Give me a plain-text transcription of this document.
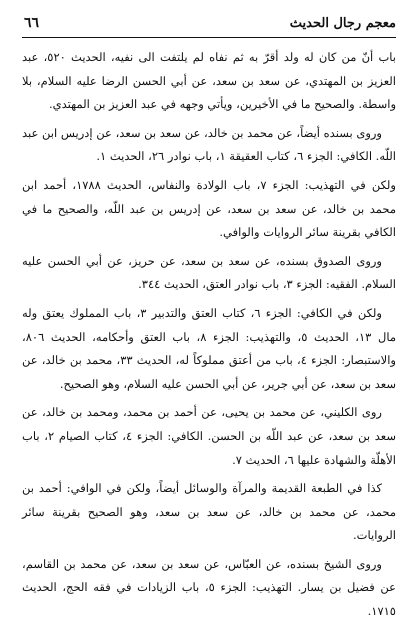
معجم رجال الحديث
٦٦

باب أنّ من كان له ولد أقرّ به ثم نفاه لم يلتفت الى نفيه، الحديث ٥٢٠، عبد العزيز بن المهتدي، عن سعد بن سعد، عن أبي الحسن الرضا عليه السلام، بلا واسطة. والصحيح ما في الأخيرين، ويأتي وجهه في عبد العزيز بن المهتدي.

وروى بسنده أيضاً، عن محمد بن خالد، عن سعد بن سعد، عن إدريس ابن عبد اللّه. الكافي: الجزء ٦، كتاب العقيقة ١، باب نوادر ٢٦، الحديث ١.

ولكن في التهذيب: الجزء ٧، باب الولادة والنفاس، الحديث ١٧٨٨، أحمد ابن محمد بن خالد، عن سعد بن سعد، عن إدريس بن عبد اللّه، والصحيح ما في الكافي بقرينة سائر الروايات والوافي.

وروى الصدوق بسنده، عن سعد بن سعد، عن حريز، عن أبي الحسن عليه السلام. الفقيه: الجزء ٣، باب نوادر العتق، الحديث ٣٤٤.

ولكن في الكافي: الجزء ٦، كتاب العتق والتدبير ٣، باب المملوك يعتق وله مال ١٣، الحديث ٥، والتهذيب: الجزء ٨، باب العتق وأحكامه، الحديث ٨٠٦، والاستبصار: الجزء ٤، باب من أعتق مملوكاً له، الحديث ٣٣، محمد بن خالد، عن سعد بن سعد، عن أبي جرير، عن أبي الحسن عليه السلام، وهو الصحيح.

روى الكليني، عن محمد بن يحيى، عن أحمد بن محمد، ومحمد بن خالد، عن سعد بن سعد، عن عبد اللّه بن الحسن. الكافي: الجزء ٤، كتاب الصيام ٢، باب الأهلّة والشهادة عليها ٦، الحديث ٧.

كذا في الطبعة القديمة والمرآة والوسائل أيضاً، ولكن في الوافي: أحمد بن محمد، عن محمد بن خالد، عن سعد بن سعد، وهو الصحيح بقرينة سائر الروايات.

وروى الشيخ بسنده، عن العبّاس، عن سعد بن سعد، عن محمد بن القاسم، عن فضيل بن يسار. التهذيب: الجزء ٥، باب الزيادات في فقه الحج، الحديث ١٧١٥.
